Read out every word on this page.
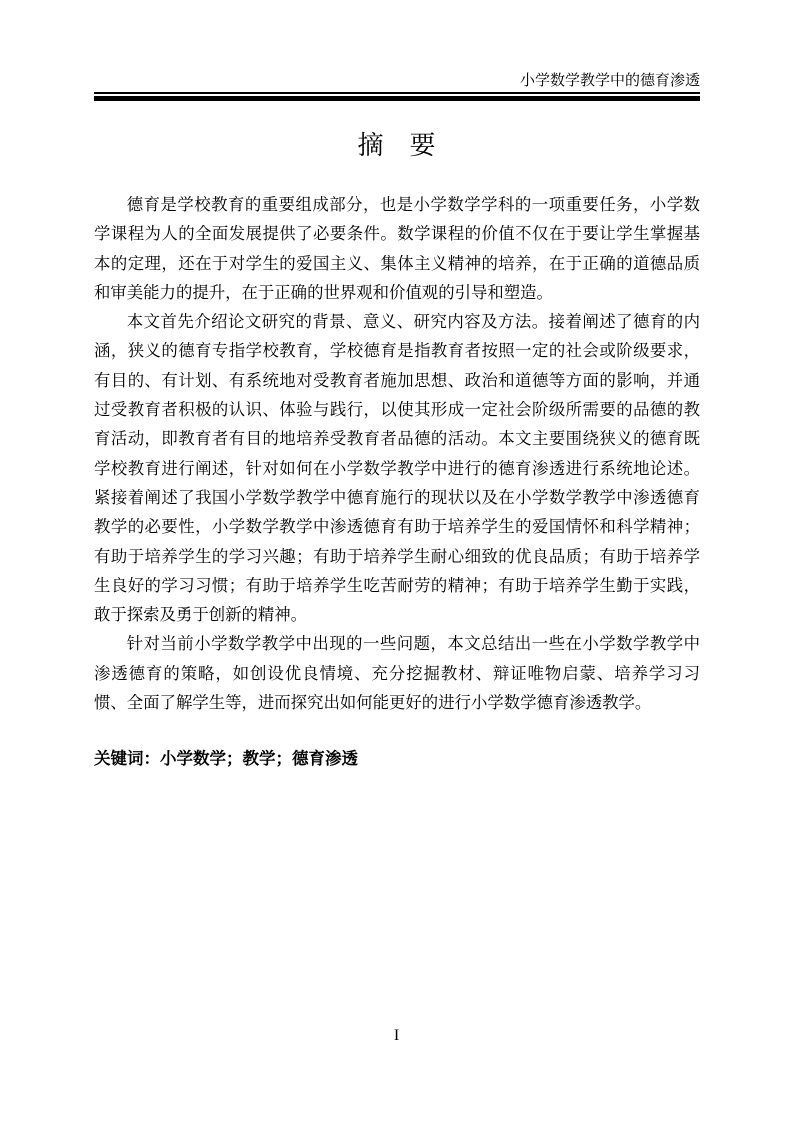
小学数学教学中的德育渗透
摘　要

德育是学校教育的重要组成部分，也是小学数学学科的一项重要任务，小学数学课程为人的全面发展提供了必要条件。数学课程的价值不仅在于要让学生掌握基本的定理，还在于对学生的爱国主义、集体主义精神的培养，在于正确的道德品质和审美能力的提升，在于正确的世界观和价值观的引导和塑造。

本文首先介绍论文研究的背景、意义、研究内容及方法。接着阐述了德育的内涵，狭义的德育专指学校教育，学校德育是指教育者按照一定的社会或阶级要求，有目的、有计划、有系统地对受教育者施加思想、政治和道德等方面的影响，并通过受教育者积极的认识、体验与践行，以使其形成一定社会阶级所需要的品德的教育活动，即教育者有目的地培养受教育者品德的活动。本文主要围绕狭义的德育既学校教育进行阐述，针对如何在小学数学教学中进行的德育渗透进行系统地论述。紧接着阐述了我国小学数学教学中德育施行的现状以及在小学数学教学中渗透德育教学的必要性，小学数学教学中渗透德育有助于培养学生的爱国情怀和科学精神；有助于培养学生的学习兴趣；有助于培养学生耐心细致的优良品质；有助于培养学生良好的学习习惯；有助于培养学生吃苦耐劳的精神；有助于培养学生勤于实践，敢于探索及勇于创新的精神。

针对当前小学数学教学中出现的一些问题，本文总结出一些在小学数学教学中渗透德育的策略，如创设优良情境、充分挖掘教材、辩证唯物启蒙、培养学习习惯、全面了解学生等，进而探究出如何能更好的进行小学数学德育渗透教学。

关键词：小学数学；教学；德育渗透
I
